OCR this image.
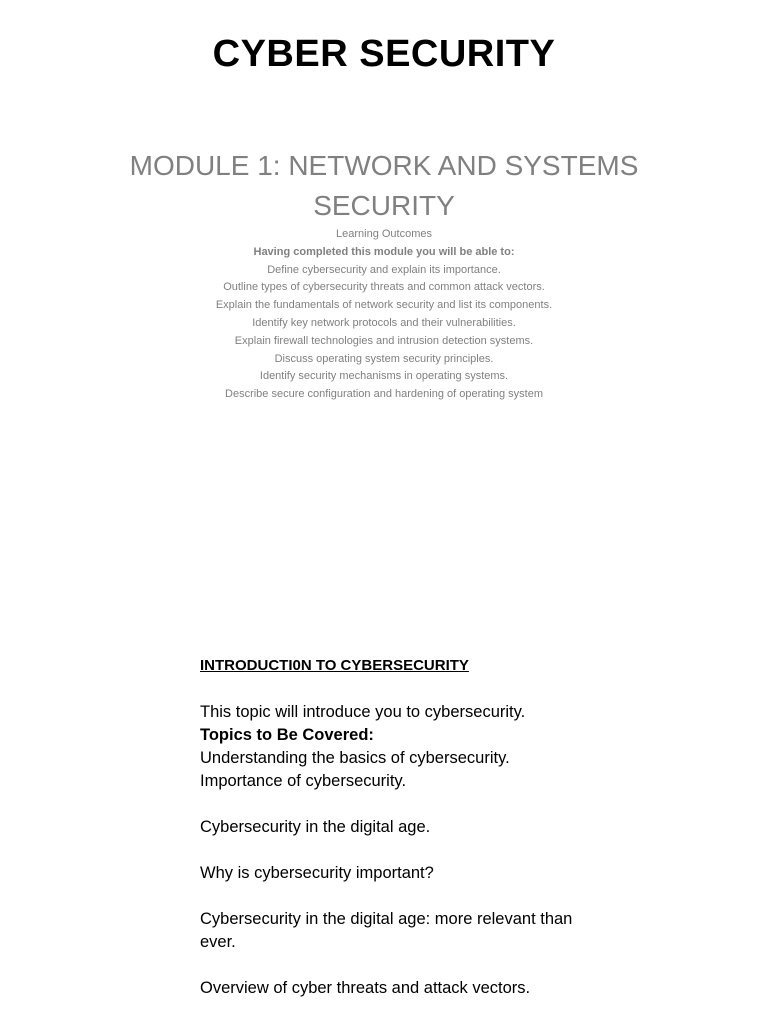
CYBER SECURITY
MODULE 1: NETWORK AND SYSTEMS SECURITY
Learning Outcomes
Having completed this module you will be able to:
Define cybersecurity and explain its importance.
Outline types of cybersecurity threats and common attack vectors.
Explain the fundamentals of network security and list its components.
Identify key network protocols and their vulnerabilities.
Explain firewall technologies and intrusion detection systems.
Discuss operating system security principles.
Identify security mechanisms in operating systems.
Describe secure configuration and hardening of operating system
INTRODUCTI0N TO CYBERSECURITY

This topic will introduce you to cybersecurity.

Topics to Be Covered:

Understanding the basics of cybersecurity.

Importance of cybersecurity.

Cybersecurity in the digital age.

Why is cybersecurity important?

Cybersecurity in the digital age: more relevant than ever.

Overview of cyber threats and attack vectors.
